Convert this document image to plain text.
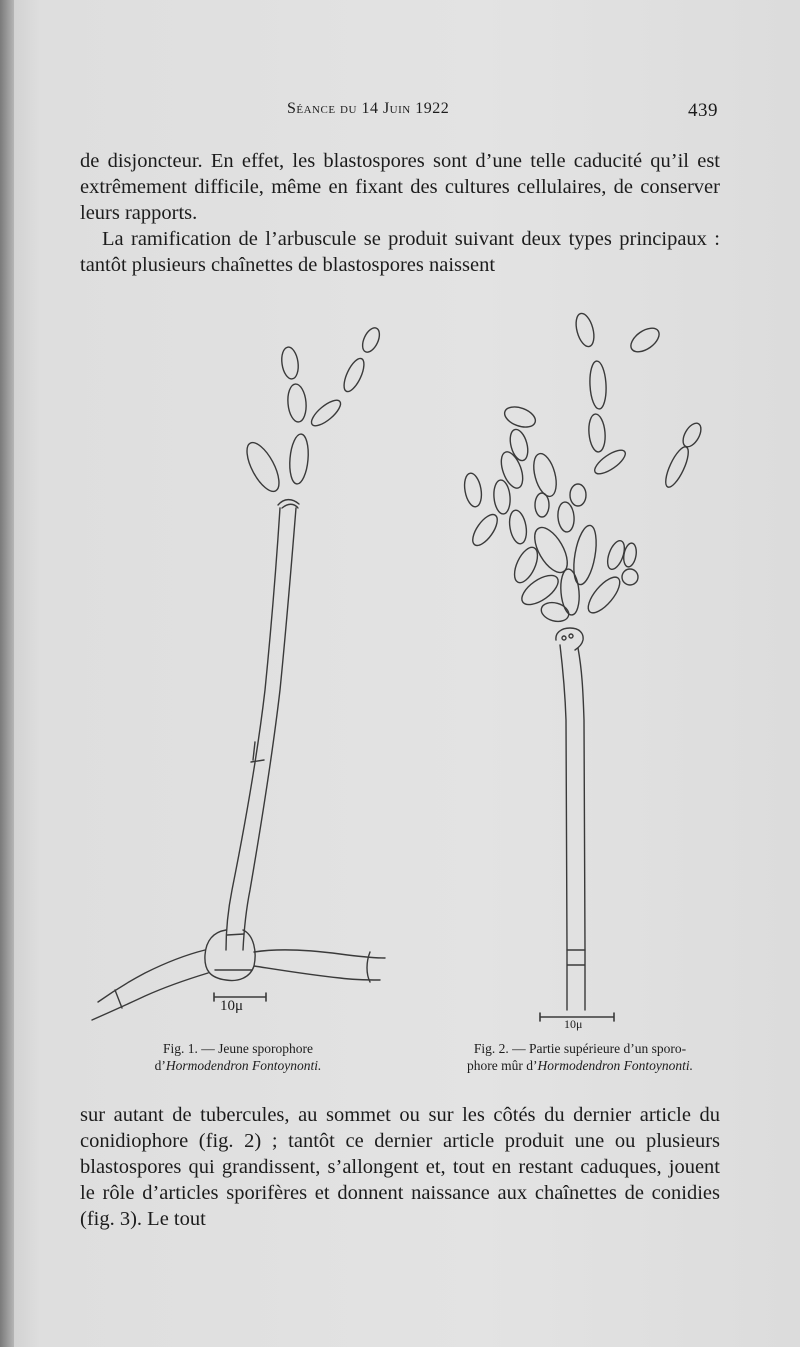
Séance du 14 Juin 1922	439

de disjoncteur. En effet, les blastospores sont d’une telle caducité qu’il est extrêmement difficile, même en fixant des cultures cellulaires, de conserver leurs rapports.

La ramification de l’arbuscule se produit suivant deux types principaux : tantôt plusieurs chaînettes de blastospores naissent

10μ
10μ
Fig. 1. — Jeune sporophore
d’Hormodendron Fontoynonti.
Fig. 2. — Partie supérieure d’un sporo-
phore mûr d’Hormodendron Fontoynonti.

sur autant de tubercules, au sommet ou sur les côtés du dernier article du conidiophore (fig. 2) ; tantôt ce dernier article produit une ou plusieurs blastospores qui grandissent, s’allongent et, tout en restant caduques, jouent le rôle d’articles sporifères et donnent naissance aux chaînettes de conidies (fig. 3). Le tout
